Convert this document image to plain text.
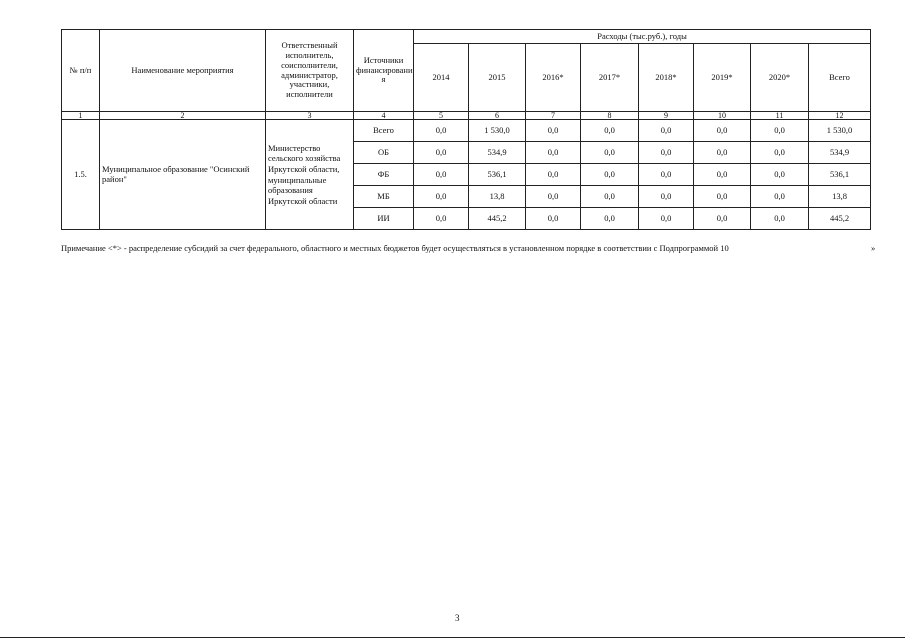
№ п/п	Наименование мероприятия	Ответственный исполнитель, соисполнители, администратор, участники, исполнители	Источники финансировани я	Расходы (тыс.руб.), годы							
				2014	2015	2016*	2017*	2018*	2019*	2020*	Всего
1	2	3	4	5	6	7	8	9	10	11	12
1.5.	Муниципальное образование "Осинский район"	Министерство сельского хозяйства Иркутской области, муниципальные образования Иркутской области	Всего	0,0	1 530,0	0,0	0,0	0,0	0,0	0,0	1 530,0
			ОБ	0,0	534,9	0,0	0,0	0,0	0,0	0,0	534,9
			ФБ	0,0	536,1	0,0	0,0	0,0	0,0	0,0	536,1
			МБ	0,0	13,8	0,0	0,0	0,0	0,0	0,0	13,8
			ИИ	0,0	445,2	0,0	0,0	0,0	0,0	0,0	445,2
Примечание <*> - распределение субсидий за счет федерального, областного и местных бюджетов будет осуществляться в установленном порядке в соответствии с Подпрограммой 10	»
3
